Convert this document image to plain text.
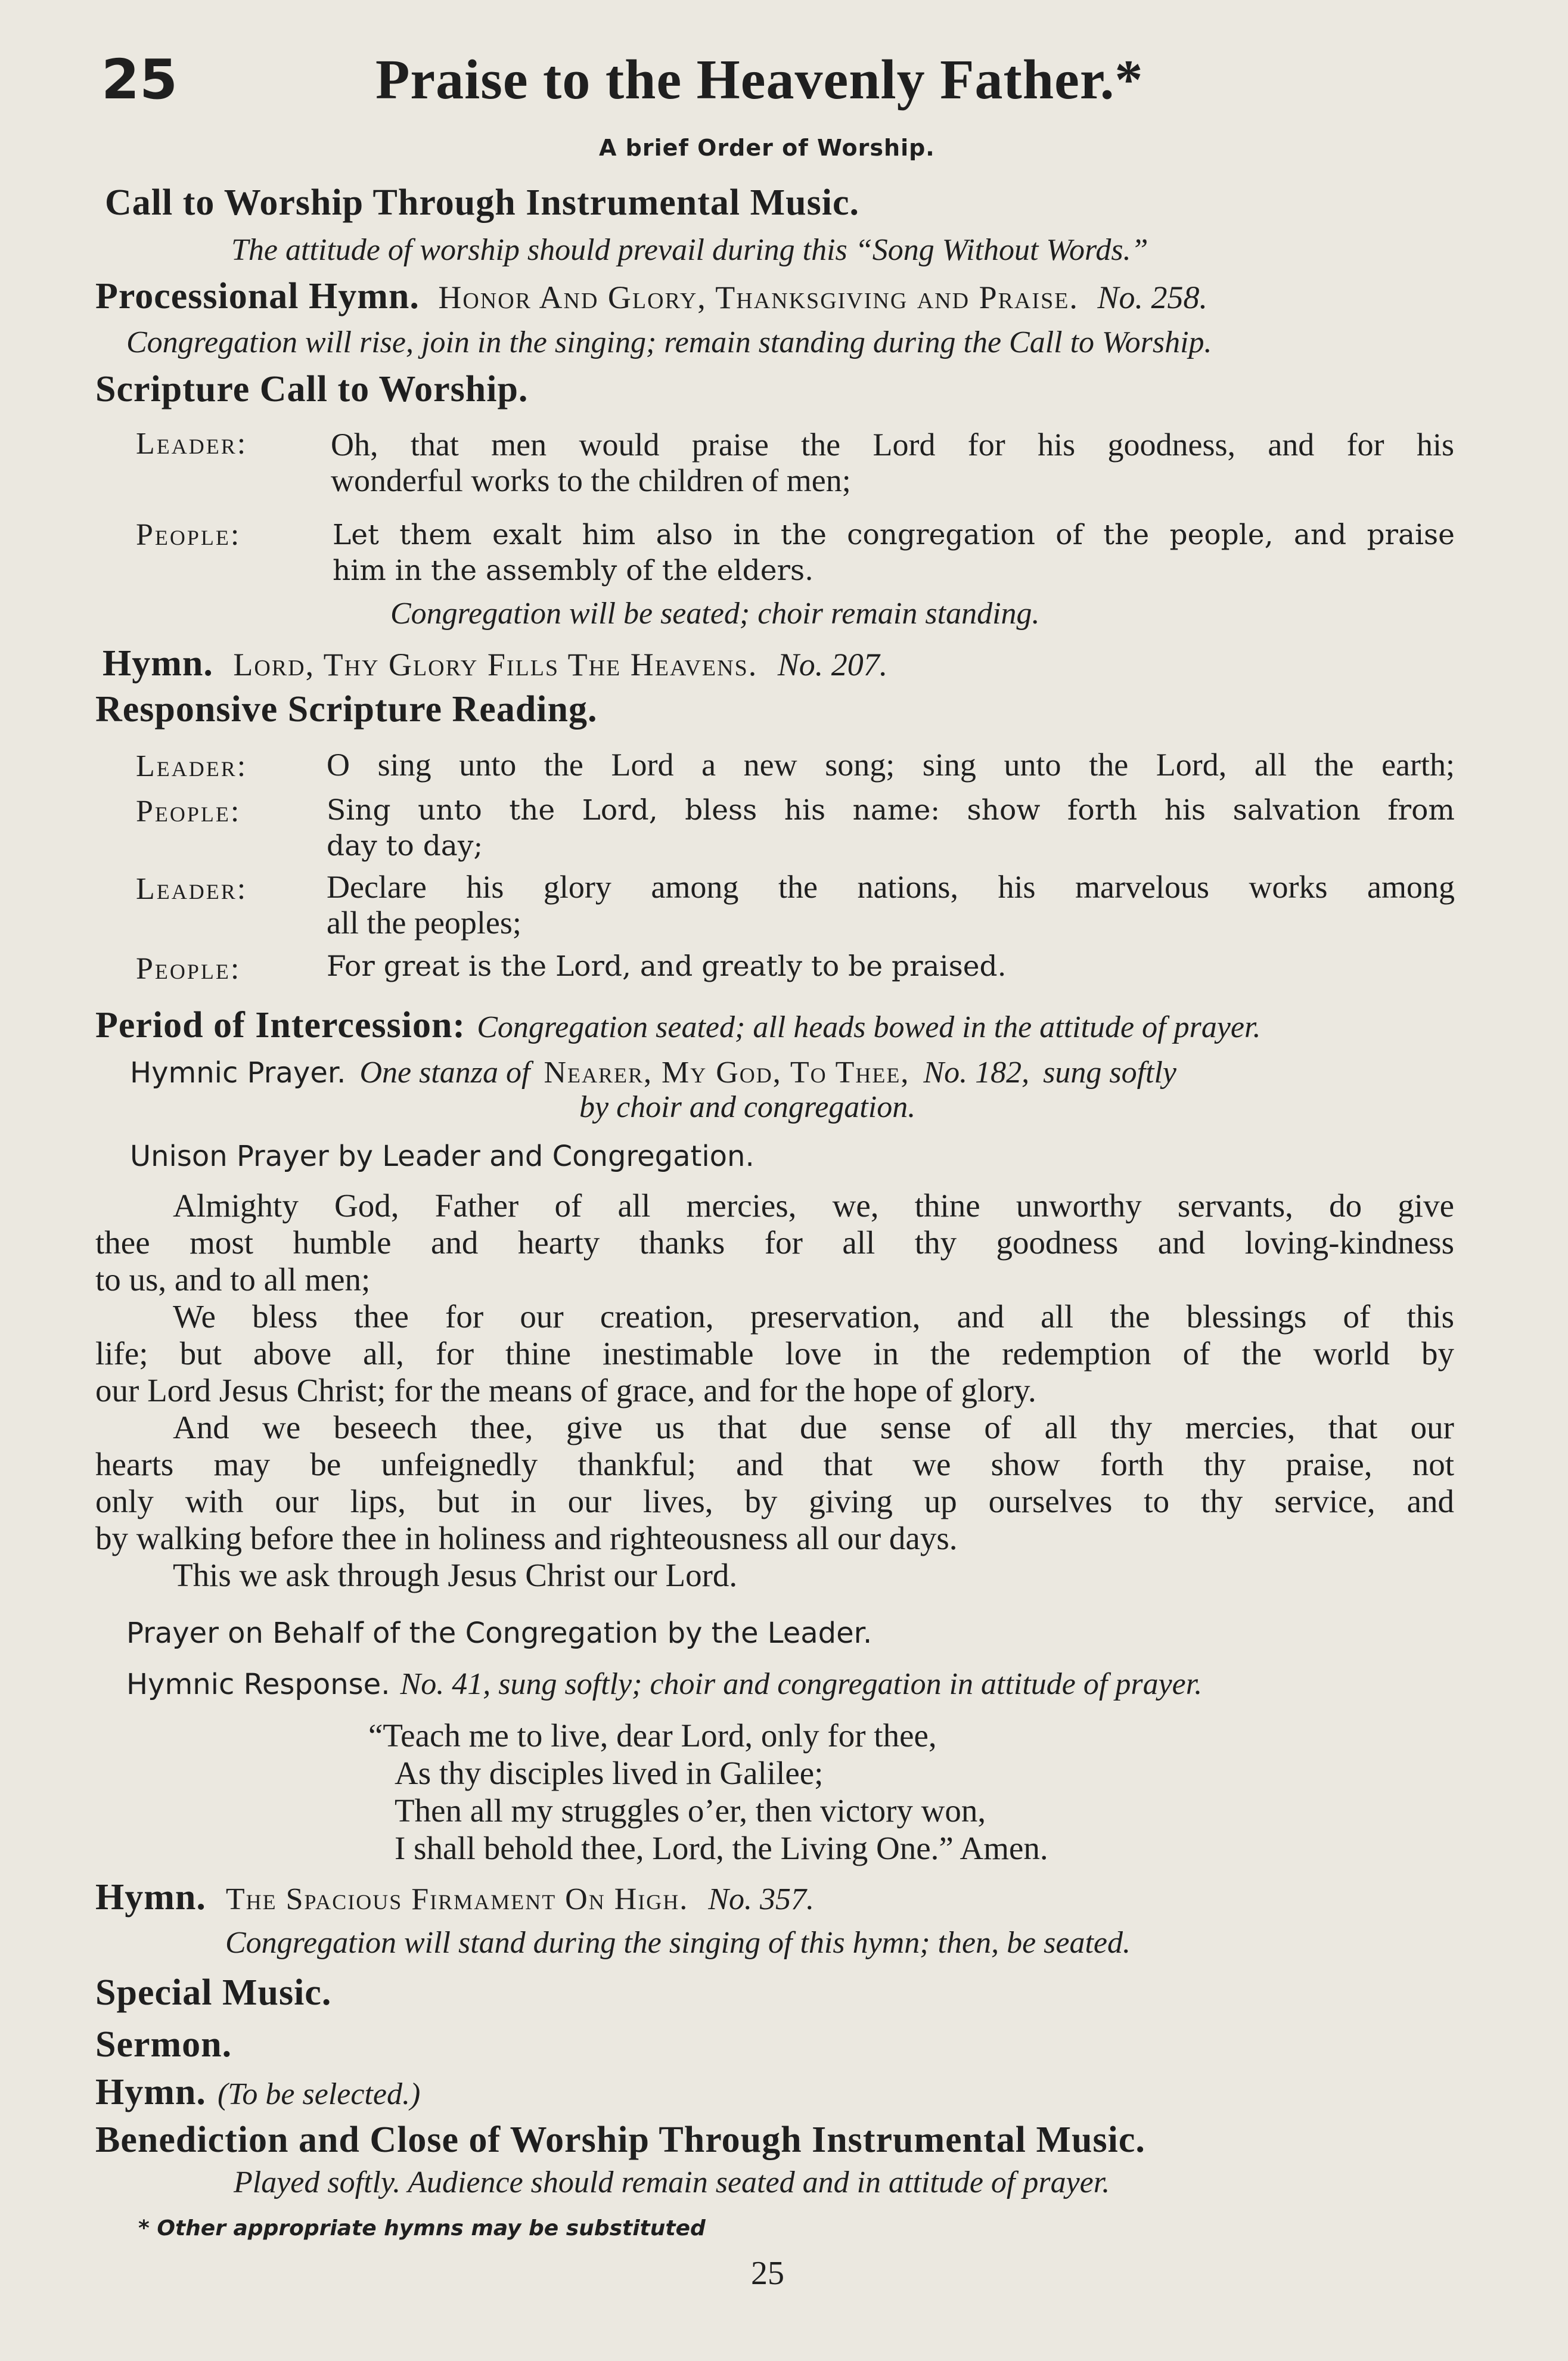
25	Praise to the Heavenly Father.*
A brief Order of Worship.
Call to Worship Through Instrumental Music.
The attitude of worship should prevail during this “Song Without Words.”
Processional Hymn. Honor And Glory, Thanksgiving and Praise. No. 258.
Congregation will rise, join in the singing; remain standing during the Call to Worship.
Scripture Call to Worship.
Leader:	Oh, that men would praise the Lord for his goodness, and for his
wonderful works to the children of men;
People:	Let them exalt him also in the congregation of the people, and praise
him in the assembly of the elders.
Congregation will be seated; choir remain standing.
Hymn. Lord, Thy Glory Fills The Heavens. No. 207.
Responsive Scripture Reading.
Leader: O sing unto the Lord a new song; sing unto the Lord, all the earth;
People:	Sing unto the Lord, bless his name: show forth his salvation from
day to day;
Leader: Declare his glory among the nations, his marvelous works among
all the peoples;
People:	For great is the Lord, and greatly to be praised.
Period of Intercession: Congregation seated; all heads bowed in the attitude of prayer.
Hymnic Prayer. One stanza of Nearer, My God, To Thee, No. 182, sung softly
by choir and congregation.
Unison Prayer by Leader and Congregation.
Almighty God, Father of all mercies, we, thine unworthy servants, do give
thee most humble and hearty thanks for all thy goodness and loving-kindness
to us, and to all men;
We bless thee for our creation, preservation, and all the blessings of this
life; but above all, for thine inestimable love in the redemption of the world by
our Lord Jesus Christ; for the means of grace, and for the hope of glory.
And we beseech thee, give us that due sense of all thy mercies, that our
hearts may be unfeignedly thankful; and that we show forth thy praise, not
only with our lips, but in our lives, by giving up ourselves to thy service, and
by walking before thee in holiness and righteousness all our days.
This we ask through Jesus Christ our Lord.
Prayer on Behalf of the Congregation by the Leader.
Hymnic Response. No. 41, sung softly; choir and congregation in attitude of prayer.
“Teach me to live, dear Lord, only for thee,
As thy disciples lived in Galilee;
Then all my struggles o’er, then victory won,
I shall behold thee, Lord, the Living One.” Amen.
Hymn. The Spacious Firmament On High. No. 357.
Congregation will stand during the singing of this hymn; then, be seated.
Special Music.
Sermon.
Hymn. (To be selected.)
Benediction and Close of Worship Through Instrumental Music.
Played softly. Audience should remain seated and in attitude of prayer.
* Other appropriate hymns may be substituted
25
